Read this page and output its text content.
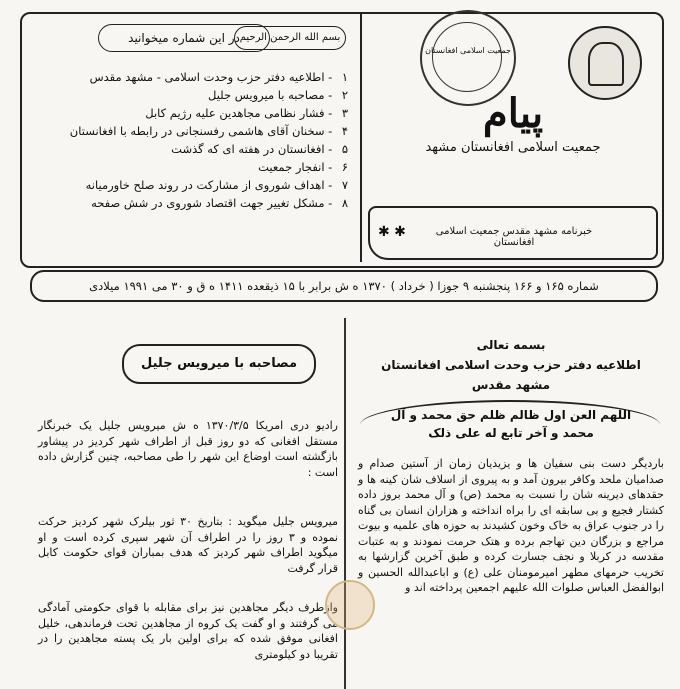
جمعیت اسلامی افغانستان
پیام
جمعیت اسلامی افغانستان مشهد
✱ ✱	خبرنامه مشهد مقدس جمعیت اسلامی افغانستان
بسم الله الرحمن الرحیم
در این شماره میخوانید
۱ - اطلاعیه دفتر حزب وحدت اسلامی - مشهد مقدس
۲ - مصاحبه با میرویس جلیل
۳ - فشار نظامی مجاهدین علیه رژیم کابل
۴ - سخنان آقای هاشمی رفسنجانی در رابطه با افغانستان
۵ - افغانستان در هفته ای که گذشت
۶ - انفجار جمعیت
۷ - اهداف شوروی از مشارکت در روند صلح خاورمیانه
۸ - مشکل تغییر جهت اقتصاد شوروی در شش صفحه
شماره ۱۶۵ و ۱۶۶ پنجشنبه ۹ جوزا ( خرداد ) ۱۳۷۰ ه ش برابر با ۱۵ ذیقعده ۱۴۱۱ ه ق و ۳۰ می ۱۹۹۱ میلادی
بسمه تعالی
اطلاعیه دفتر حزب وحدت اسلامی افغانستان
مشهد مقدس
اللهم العن اول ظالم ظلم حق محمد و آل محمد و آخر تابع له علی ذلک
باردیگر دست بنی سفیان ها و یزیدیان زمان از آستین صدام و صدامیان ملحد وکافر بیرون آمد و به پیروی از اسلاف شان کینه ها و حقدهای دیرینه شان را نسبت به محمد (ص) و آل محمد بروز داده کشتار فجیع و بی سابقه ای را براه انداخته و هزاران انسان بی گناه را در جنوب عراق به خاک وخون کشیدند به حوزه های علمیه و بیوت مراجع و بزرگان دین تهاجم برده و هتک حرمت نمودند و به عتبات مقدسه در کربلا و نجف جسارت کرده و طبق آخرین گزارشها به تخریب حرمهای مطهر امیرمومنان علی (ع) و اباعبدالله الحسین و ابوالفضل العباس صلوات الله علیهم اجمعین پرداخته اند و
مصاحبه با میرویس جلیل
رادیو دری امریکا ۱۳۷۰/۳/۵ ه ش میرویس جلیل یک خبرنگار مستقل افغانی که دو روز قبل از اطراف شهر کردیز در پیشاور بازگشته است اوضاع این شهر را طی مصاحبه، چنین گزارش داده است :
میرویس جلیل میگوید : بتاریخ ۳۰ ثور بیلرک شهر کردیز حرکت نموده و ۳ روز را در اطراف آن شهر سپری کرده است و او میگوید اطراف شهر کردیز که هدف بمباران قوای حکومت کابل قرار گرفت
وازطرف دیگر مجاهدین نیز برای مقابله با قوای حکومتی آمادگی می گرفتند و او گفت یک کروه از مجاهدین تحت فرماندهی، خلیل افغانی موفق شده که برای اولین بار یک پسته مجاهدین را در تقریبا دو کیلومتری
